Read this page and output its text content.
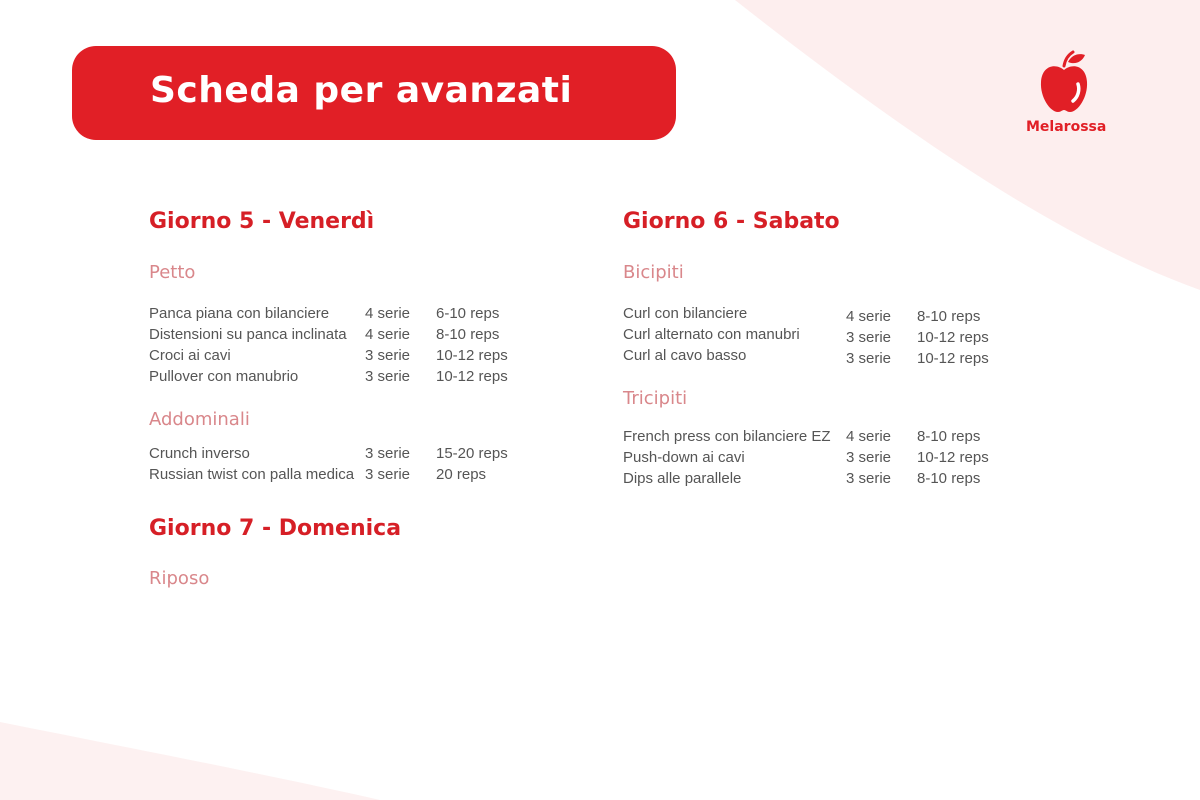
Scheda per avanzati
Melarossa
Giorno 5 - Venerdì
Petto
Panca piana con bilanciere 4 serie 6-10 reps
Distensioni su panca inclinata 4 serie 8-10 reps
Croci ai cavi	3 serie 10-12 reps
Pullover con manubrio	3 serie 10-12 reps
Addominali
Crunch inverso	3 serie 15-20 reps
Russian twist con palla medica 3 serie 20 reps
Giorno 7 - Domenica
Riposo
Giorno 6 - Sabato
Bicipiti
Curl con bilanciere	4 serie 8-10 reps
Curl alternato con manubri	3 serie 10-12 reps
Curl al cavo basso	3 serie 10-12 reps
Tricipiti
French press con bilanciere EZ 4 serie 8-10 reps
Push-down ai cavi	3 serie 10-12 reps
Dips alle parallele	3 serie 8-10 reps
